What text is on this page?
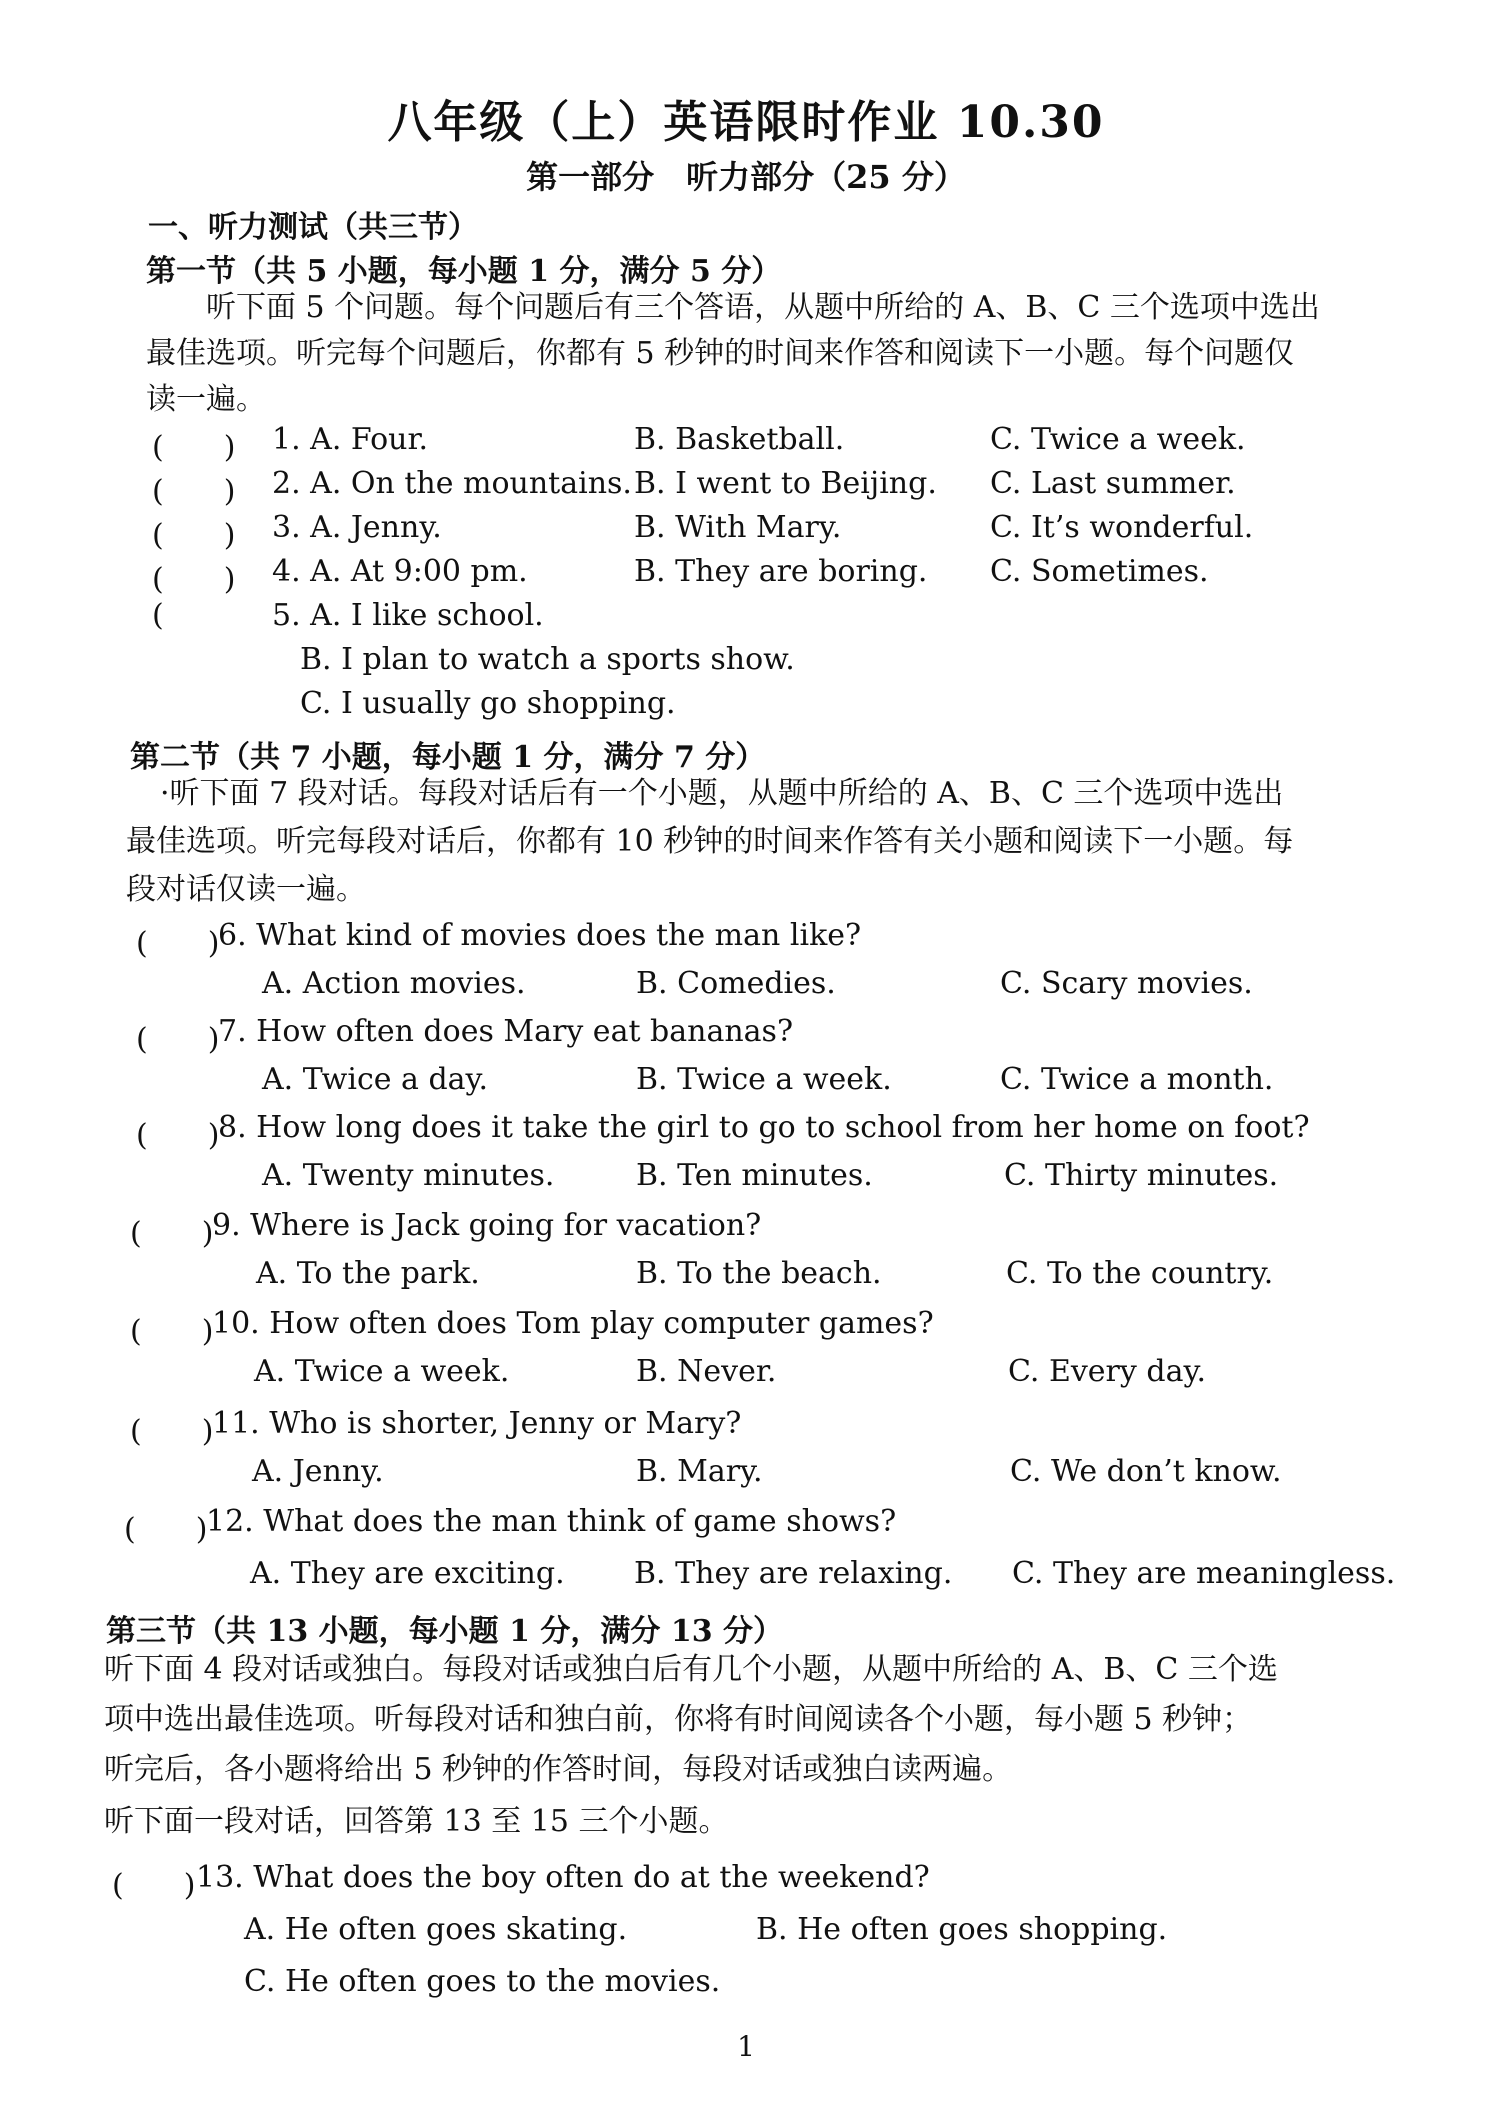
八年级（上）英语限时作业 10.30
第一部分　听力部分（25 分）
一、听力测试（共三节）
第一节（共 5 小题，每小题 1 分，满分 5 分）
　　听下面 5 个问题。每个问题后有三个答语，从题中所给的 A、B、C 三个选项中选出
最佳选项。听完每个问题后，你都有 5 秒钟的时间来作答和阅读下一小题。每个问题仅
读一遍。
(　　) 1. A. Four.	B. Basketball.	C. Twice a week.
(　　) 2. A. On the mountains. B. I went to Beijing. C. Last summer.
(　　) 3. A. Jenny.	B. With Mary.	C. It’s wonderful.
(　　) 4. A. At 9:00 pm.	B. They are boring. C. Sometimes.
(	5. A. I like school.
B. I plan to watch a sports show.
C. I usually go shopping.
第二节（共 7 小题，每小题 1 分，满分 7 分）
·听下面 7 段对话。每段对话后有一个小题，从题中所给的 A、B、C 三个选项中选出
最佳选项。听完每段对话后，你都有 10 秒钟的时间来作答有关小题和阅读下一小题。每
段对话仅读一遍。
(　　)
6. What kind of movies does the man like?
A. Action movies.	B. Comedies.	C. Scary movies.
(　　)
7. How often does Mary eat bananas?
A. Twice a day.	B. Twice a week.	C. Twice a month.
(　　)
8. How long does it take the girl to go to school from her home on foot?
A. Twenty minutes.	B. Ten minutes.	C. Thirty minutes.
(　　)
9. Where is Jack going for vacation?
A. To the park.	B. To the beach.	C. To the country.
(　　)
10. How often does Tom play computer games?
A. Twice a week.	B. Never.	C. Every day.
(　　)
11. Who is shorter, Jenny or Mary?
A. Jenny.	B. Mary.	C. We don’t know.
(　　)
12. What does the man think of game shows?
A. They are exciting. B. They are relaxing. C. They are meaningless.
第三节（共 13 小题，每小题 1 分，满分 13 分）
听下面 4 段对话或独白。每段对话或独白后有几个小题，从题中所给的 A、B、C 三个选
项中选出最佳选项。听每段对话和独白前，你将有时间阅读各个小题，每小题 5 秒钟；
听完后，各小题将给出 5 秒钟的作答时间，每段对话或独白读两遍。
听下面一段对话，回答第 13 至 15 三个小题。
(　　) 13. What does the boy often do at the weekend?
A. He often goes skating.	B. He often goes shopping.
C. He often goes to the movies.
1
